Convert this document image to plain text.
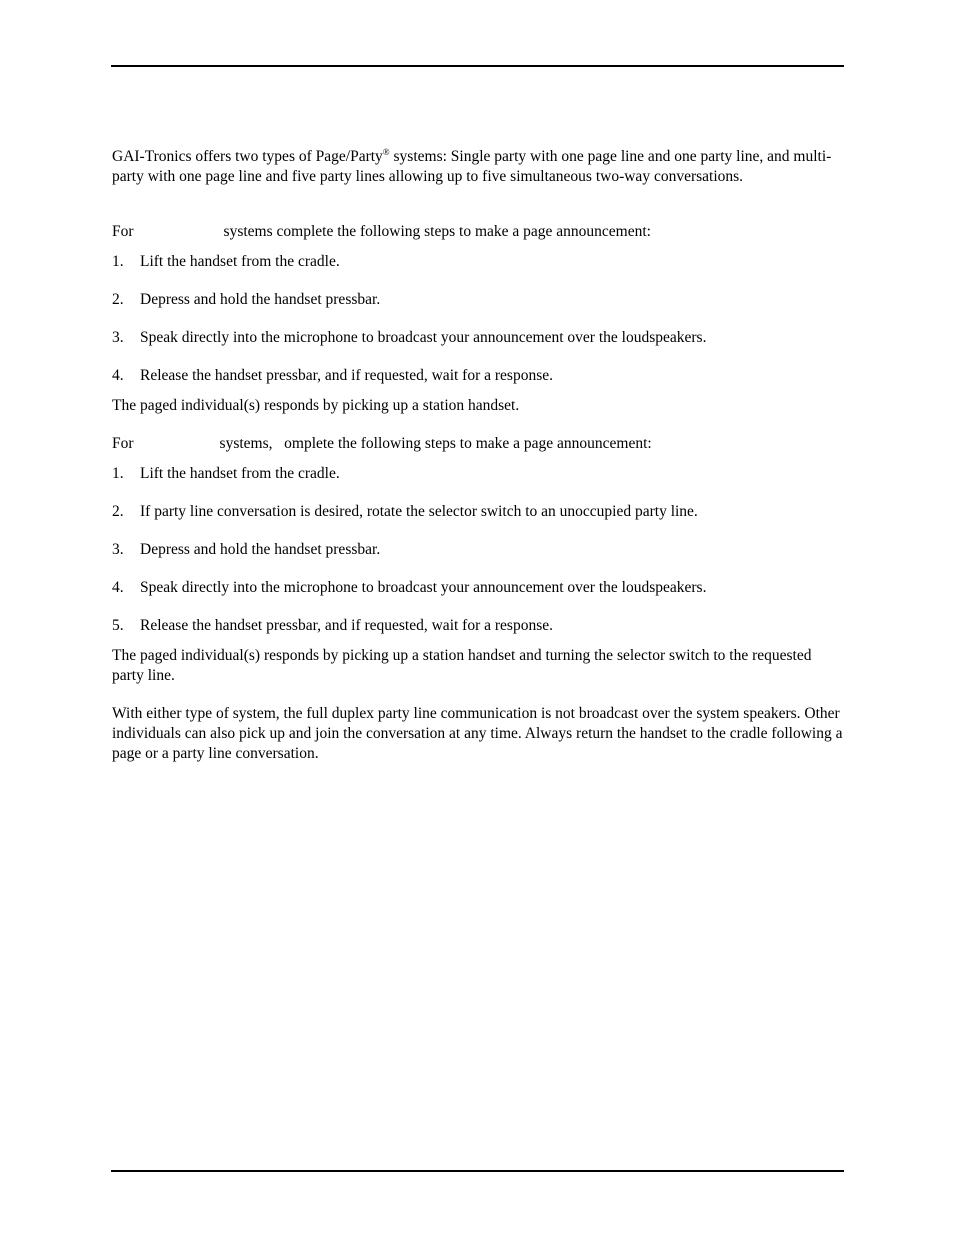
GAI-Tronics offers two types of Page/Party® systems: Single party with one page line and one party line, and multi-party with one page line and five party lines allowing up to five simultaneous two-way conversations.

For	systems complete the following steps to make a page announcement:

1. Lift the handset from the cradle.
2. Depress and hold the handset pressbar.
3. Speak directly into the microphone to broadcast your announcement over the loudspeakers.
4. Release the handset pressbar, and if requested, wait for a response.

The paged individual(s) responds by picking up a station handset.

For	systems,   omplete the following steps to make a page announcement:

1. Lift the handset from the cradle.
2. If party line conversation is desired, rotate the selector switch to an unoccupied party line.
3. Depress and hold the handset pressbar.
4. Speak directly into the microphone to broadcast your announcement over the loudspeakers.
5. Release the handset pressbar, and if requested, wait for a response.

The paged individual(s) responds by picking up a station handset and turning the selector switch to the requested party line.

With either type of system, the full duplex party line communication is not broadcast over the system speakers. Other individuals can also pick up and join the conversation at any time. Always return the handset to the cradle following a page or a party line conversation.
